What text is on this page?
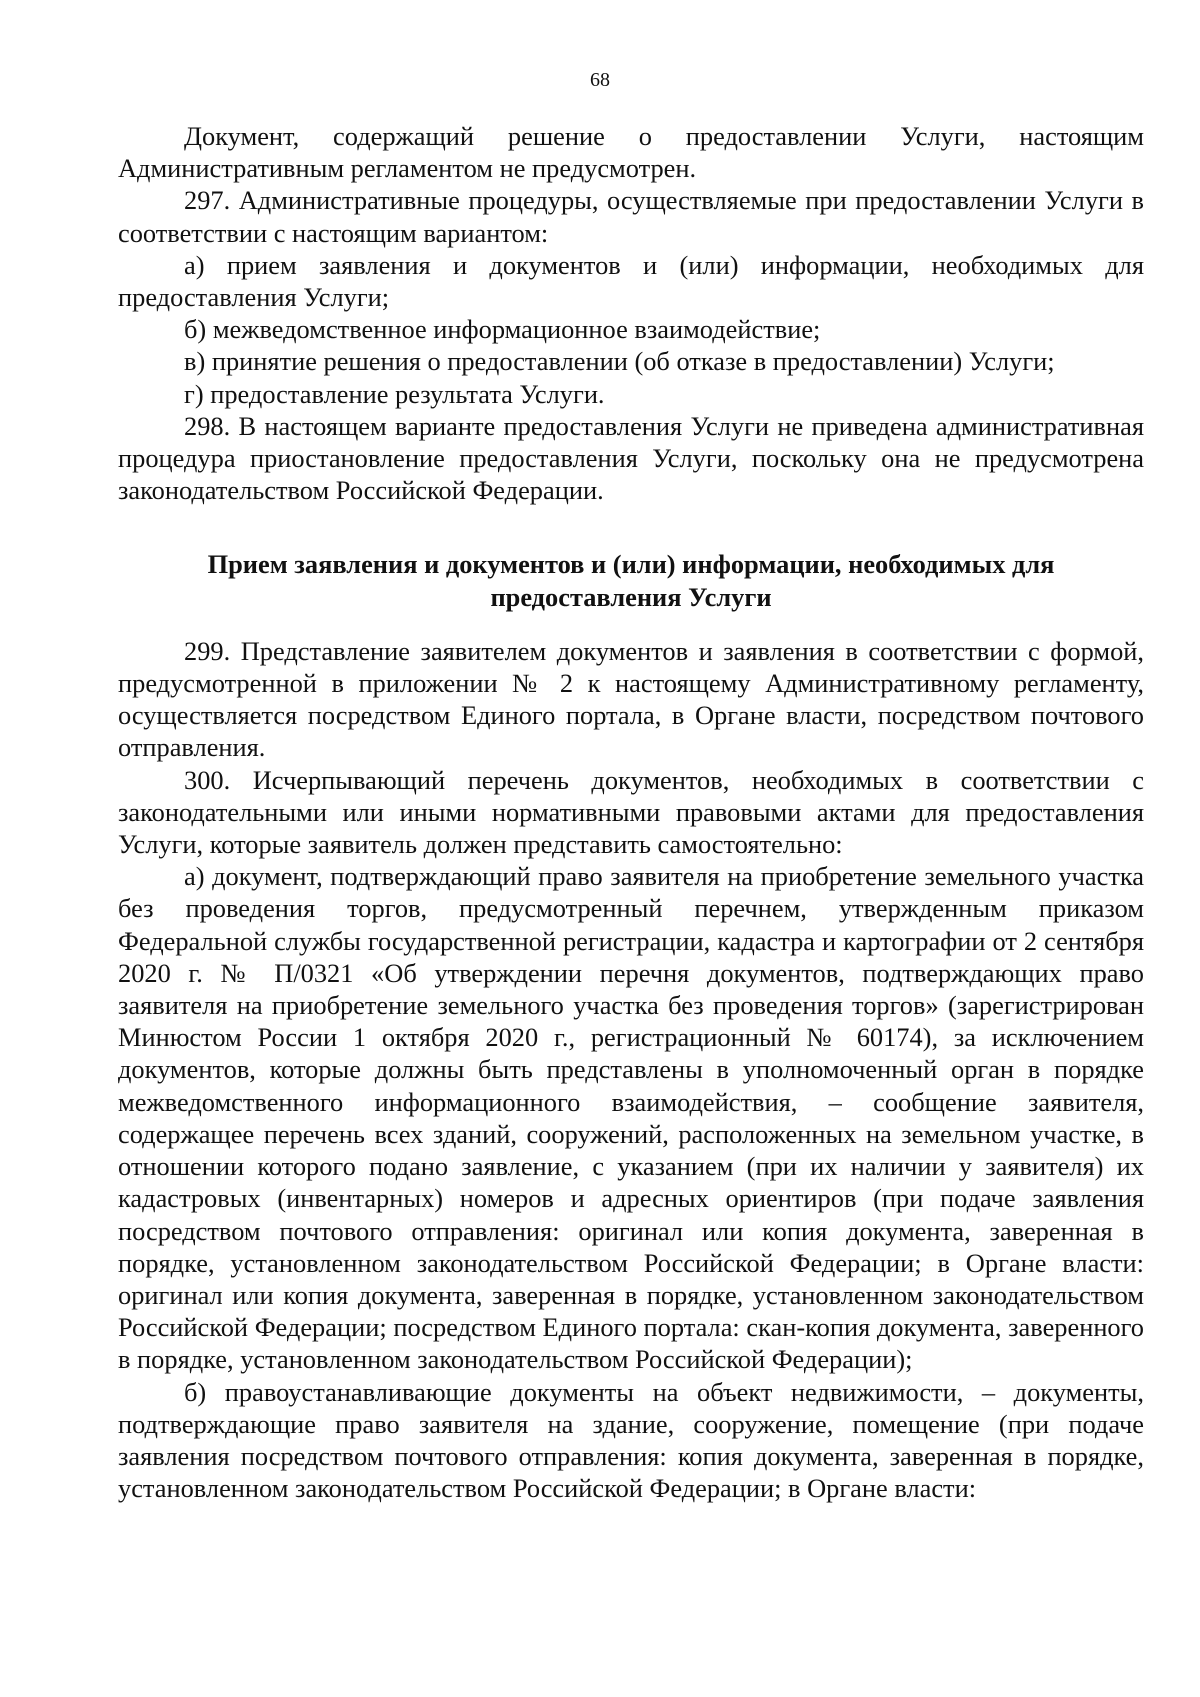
68

Документ, содержащий решение о предоставлении Услуги, настоящим Административным регламентом не предусмотрен.

297. Административные процедуры, осуществляемые при предоставлении Услуги в соответствии с настоящим вариантом:

а) прием заявления и документов и (или) информации, необходимых для предоставления Услуги;

б) межведомственное информационное взаимодействие;

в) принятие решения о предоставлении (об отказе в предоставлении) Услуги;

г) предоставление результата Услуги.

298. В настоящем варианте предоставления Услуги не приведена административная процедура приостановление предоставления Услуги, поскольку она не предусмотрена законодательством Российской Федерации.

Прием заявления и документов и (или) информации, необходимых для
предоставления Услуги

299. Представление заявителем документов и заявления в соответствии с формой, предусмотренной в приложении № 2 к настоящему Административному регламенту, осуществляется посредством Единого портала, в Органе власти, посредством почтового отправления.

300. Исчерпывающий перечень документов, необходимых в соответствии с законодательными или иными нормативными правовыми актами для предоставления Услуги, которые заявитель должен представить самостоятельно:

а) документ, подтверждающий право заявителя на приобретение земельного участка без проведения торгов, предусмотренный перечнем, утвержденным приказом Федеральной службы государственной регистрации, кадастра и картографии от 2 сентября 2020 г. № П/0321 «Об утверждении перечня документов, подтверждающих право заявителя на приобретение земельного участка без проведения торгов» (зарегистрирован Минюстом России 1 октября 2020 г., регистрационный № 60174), за исключением документов, которые должны быть представлены в уполномоченный орган в порядке межведомственного информационного взаимодействия, – сообщение заявителя, содержащее перечень всех зданий, сооружений, расположенных на земельном участке, в отношении которого подано заявление, с указанием (при их наличии у заявителя) их кадастровых (инвентарных) номеров и адресных ориентиров (при подаче заявления посредством почтового отправления: оригинал или копия документа, заверенная в порядке, установленном законодательством Российской Федерации; в Органе власти: оригинал или копия документа, заверенная в порядке, установленном законодательством Российской Федерации; посредством Единого портала: скан-копия документа, заверенного в порядке, установленном законодательством Российской Федерации);

б) правоустанавливающие документы на объект недвижимости, – документы, подтверждающие право заявителя на здание, сооружение, помещение (при подаче заявления посредством почтового отправления: копия документа, заверенная в порядке, установленном законодательством Российской Федерации; в Органе власти:
